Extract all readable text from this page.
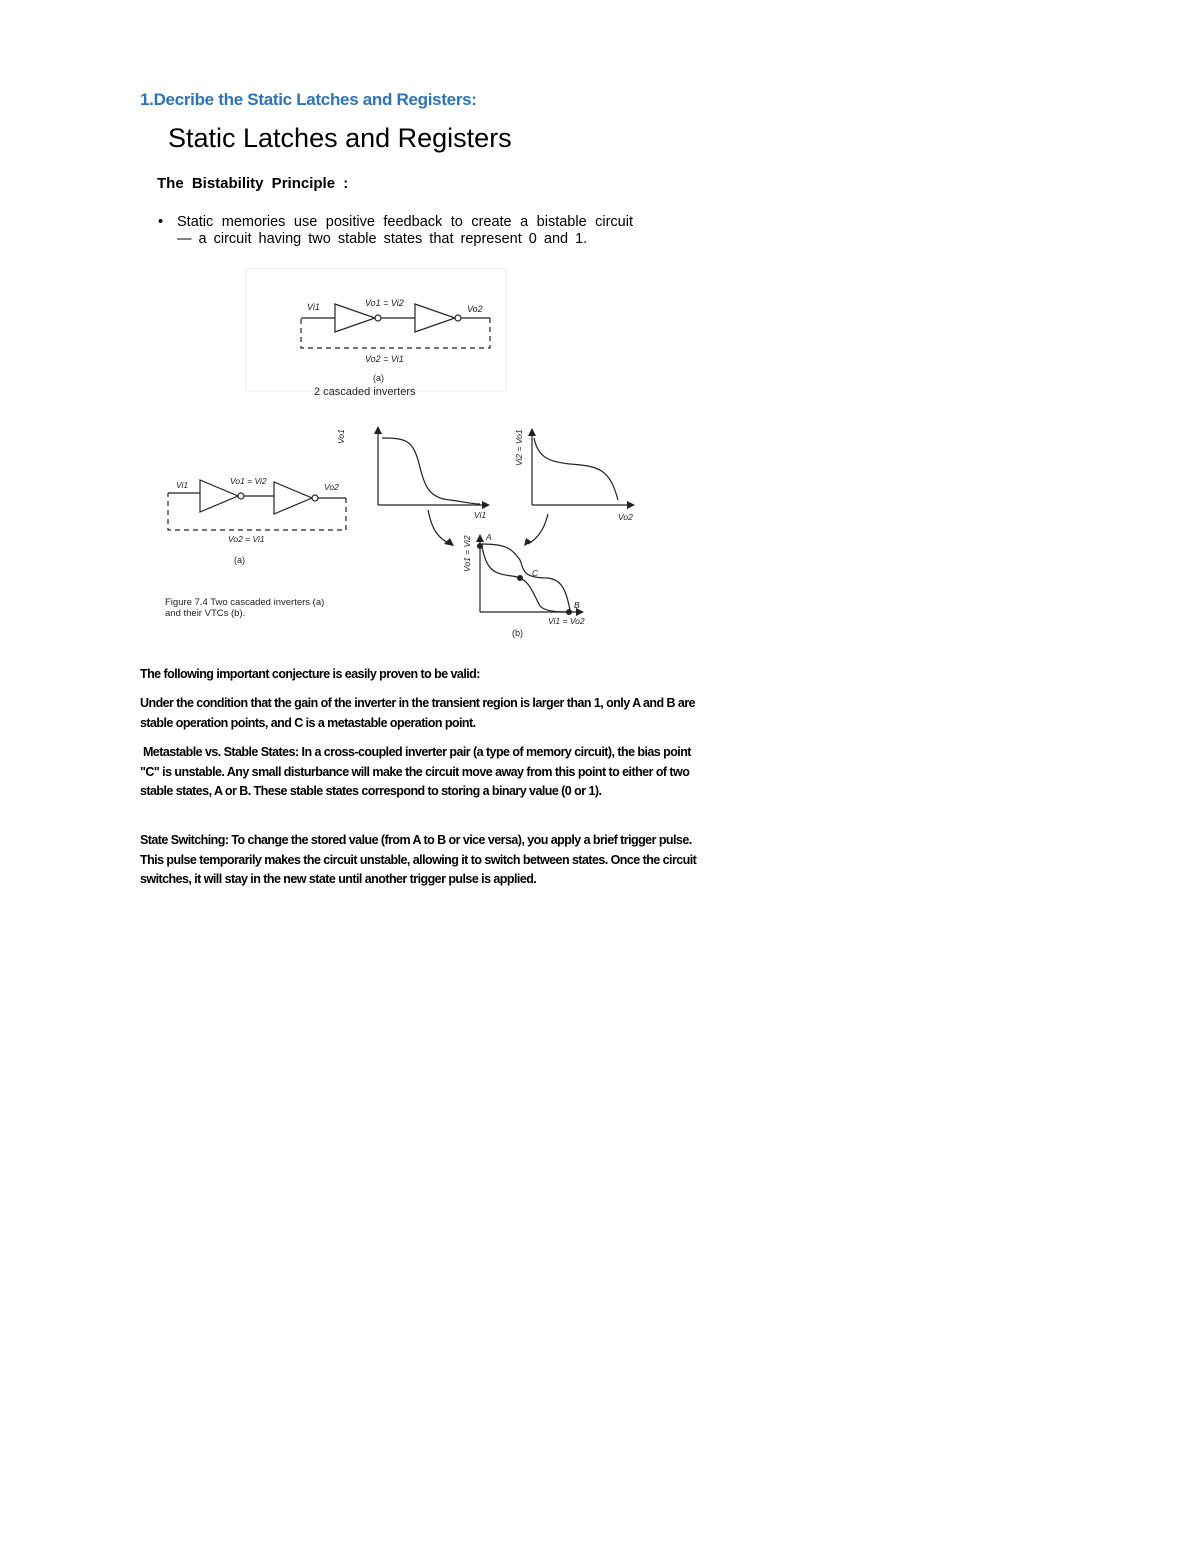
1.Decribe the Static Latches and Registers:
Static Latches and Registers
The Bistability Principle :
• Static memories use positive feedback to create a bistable circuit — a circuit having two stable states that represent 0 and 1.
Vi1	Vo1 = Vi2
Vo2
Vo2 = Vi1
(a)
2 cascaded inverters
Vi1	Vo1 = Vi2
Vo2
Vo2 = Vi1
Vo1
Vi1
Vi2 = Vo1
Vo2
Vo1 = Vi2
Vi1 = Vo2
A
C
B
(a)
(b)
Figure 7.4 Two cascaded inverters (a)
and their VTCs (b).
The following important conjecture is easily proven to be valid:
Under the condition that the gain of the inverter in the transient region is larger than 1, only A and B are stable operation points, and C is a metastable operation point.
Metastable vs. Stable States: In a cross-coupled inverter pair (a type of memory circuit), the bias point "C" is unstable. Any small disturbance will make the circuit move away from this point to either of two stable states, A or B. These stable states correspond to storing a binary value (0 or 1).
State Switching: To change the stored value (from A to B or vice versa), you apply a brief trigger pulse. This pulse temporarily makes the circuit unstable, allowing it to switch between states. Once the circuit switches, it will stay in the new state until another trigger pulse is applied.
